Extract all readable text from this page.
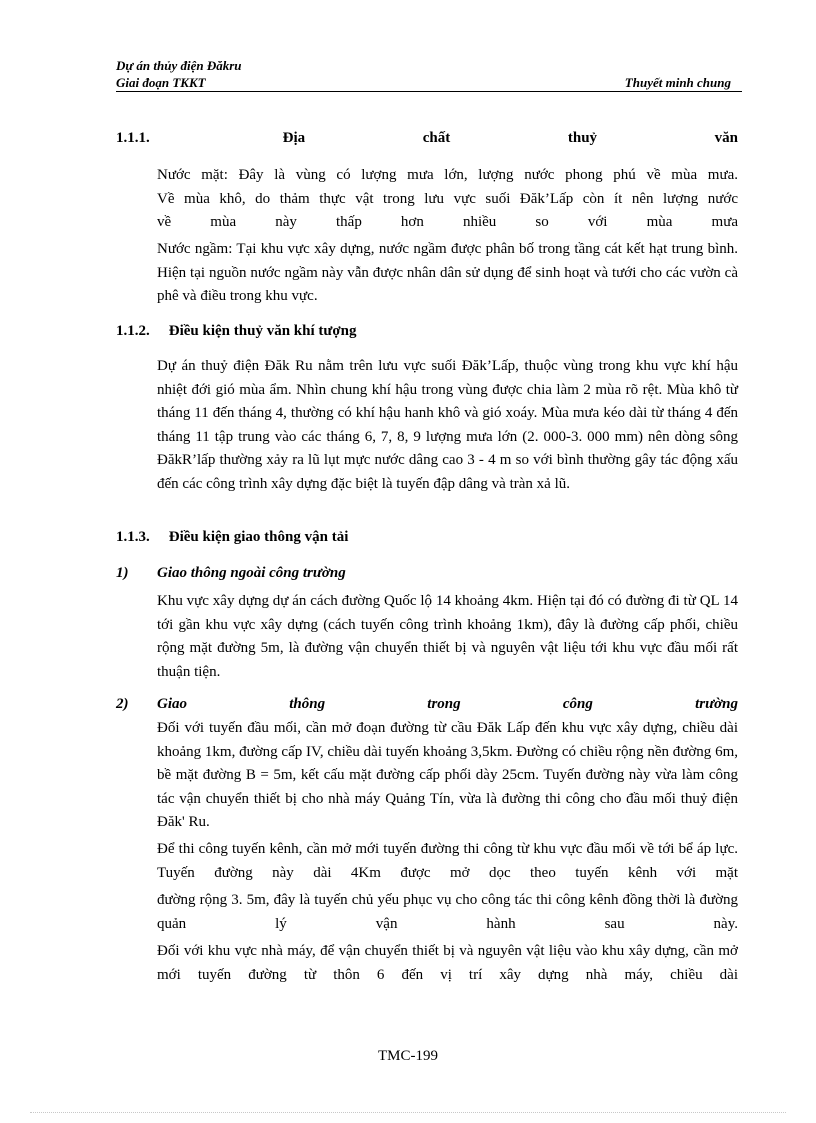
Dự án thủy điện Đăkru
Giai đoạn TKKT	Thuyết minh chung
1.1.1.	Địa chất thuỷ văn
Nước mặt: Đây là vùng có lượng mưa lớn, lượng nước phong phú về mùa mưa.
Về mùa khô, do thảm thực vật trong lưu vực suối Đăk’Lấp còn ít nên lượng nước
về mùa này thấp hơn nhiều so với mùa mưa
Nước ngầm: Tại khu vực xây dựng, nước ngầm được phân bố trong tầng cát kết hạt trung bình. Hiện tại nguồn nước ngầm này vẫn được nhân dân sử dụng để sinh hoạt và tưới cho các vườn cà phê và điều trong khu vực.
1.1.2. Điều kiện thuỷ văn khí tượng
Dự án thuỷ điện Đăk Ru nằm trên lưu vực suối Đăk’Lấp, thuộc vùng trong khu vực khí hậu nhiệt đới gió mùa ẩm. Nhìn chung khí hậu trong vùng được chia làm 2 mùa rõ rệt. Mùa khô từ tháng 11 đến tháng 4, thường có khí hậu hanh khô và gió xoáy. Mùa mưa kéo dài từ tháng 4 đến tháng 11 tập trung vào các tháng 6, 7, 8, 9 lượng mưa lớn (2. 000-3. 000 mm) nên dòng sông ĐăkR’lấp thường xảy ra lũ lụt mực nước dâng cao 3 - 4 m so với bình thường gây tác động xấu đến các công trình xây dựng đặc biệt là tuyến đập dâng và tràn xả lũ.
1.1.3. Điều kiện giao thông vận tải
1) Giao thông ngoài công trường
Khu vực xây dựng dự án cách đường Quốc lộ 14 khoảng 4km. Hiện tại đó có đường đi từ QL 14 tới gần khu vực xây dựng (cách tuyến công trình khoảng 1km), đây là đường cấp phối, chiều rộng mặt đường 5m, là đường vận chuyển thiết bị và nguyên vật liệu tới khu vực đầu mối rất thuận tiện.
2) Giao thông trong công trường
Đối với tuyến đầu mối, cần mở đoạn đường từ cầu Đăk Lấp đến khu vực xây dựng, chiều dài khoảng 1km, đường cấp IV, chiều dài tuyến khoảng 3,5km. Đường có chiều rộng nền đường 6m, bề mặt đường B = 5m, kết cấu mặt đường cấp phối dày 25cm. Tuyến đường này vừa làm công tác vận chuyển thiết bị cho nhà máy Quảng Tín, vừa là đường thi công cho đầu mối thuỷ điện Đăk' Ru.
Để thi công tuyến kênh, cần mở mới tuyến đường thi công từ khu vực đầu mối về tới bể áp lực. Tuyến đường này dài 4Km được mở dọc theo tuyến kênh với mặt
đường rộng 3. 5m, đây là tuyến chủ yếu phục vụ cho công tác thi công kênh đồng thời là đường quản lý vận hành sau này.
Đối với khu vực nhà máy, để vận chuyển thiết bị và nguyên vật liệu vào khu xây dựng, cần mở mới tuyến đường từ thôn 6 đến vị trí xây dựng nhà máy, chiều dài
TMC-199
